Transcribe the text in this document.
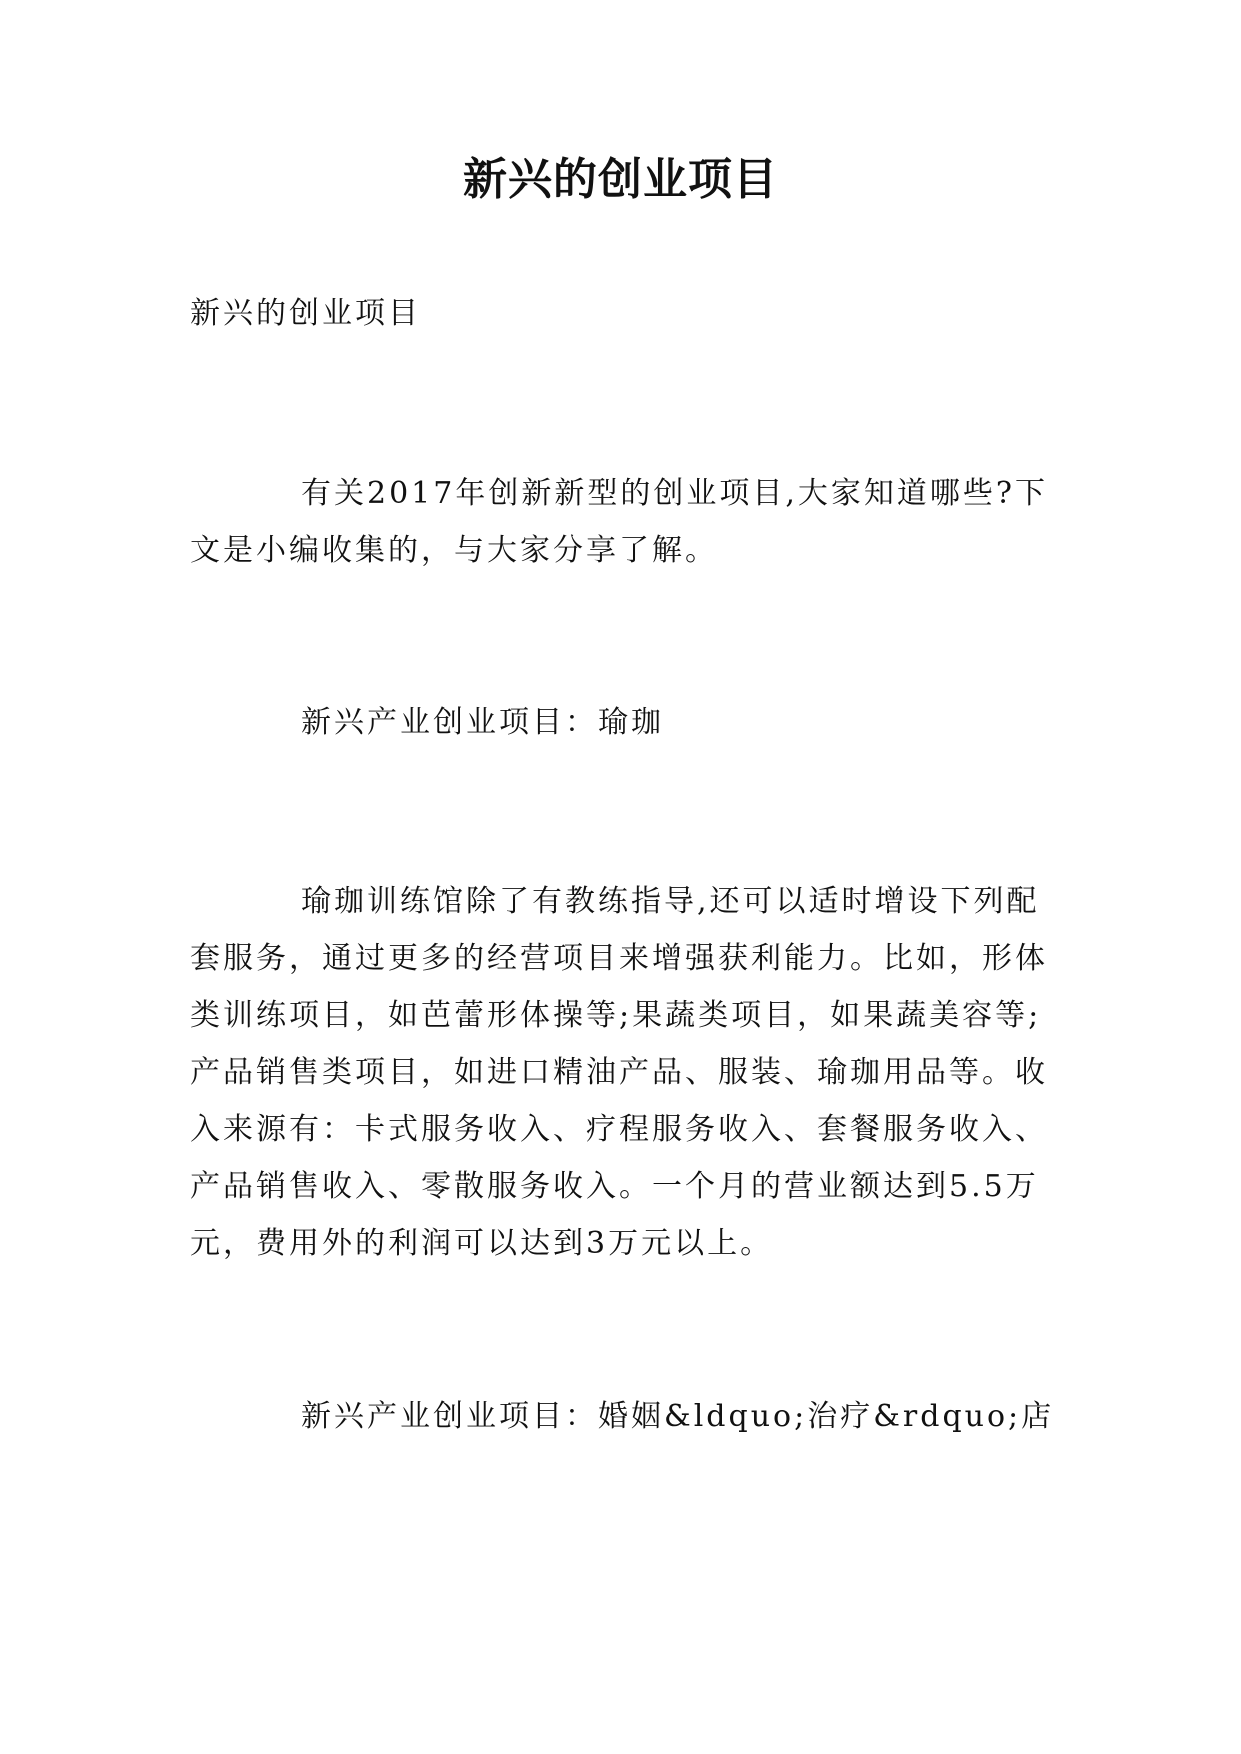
新兴的创业项目
新兴的创业项目

有关2017年创新新型的创业项目,大家知道哪些?下文是小编收集的，与大家分享了解。

新兴产业创业项目：瑜珈

瑜珈训练馆除了有教练指导,还可以适时增设下列配套服务，通过更多的经营项目来增强获利能力。比如，形体类训练项目，如芭蕾形体操等;果蔬类项目，如果蔬美容等;产品销售类项目，如进口精油产品、服装、瑜珈用品等。收入来源有：卡式服务收入、疗程服务收入、套餐服务收入、产品销售收入、零散服务收入。一个月的营业额达到5.5万元，费用外的利润可以达到3万元以上。

新兴产业创业项目：婚姻&ldquo;治疗&rdquo;店
